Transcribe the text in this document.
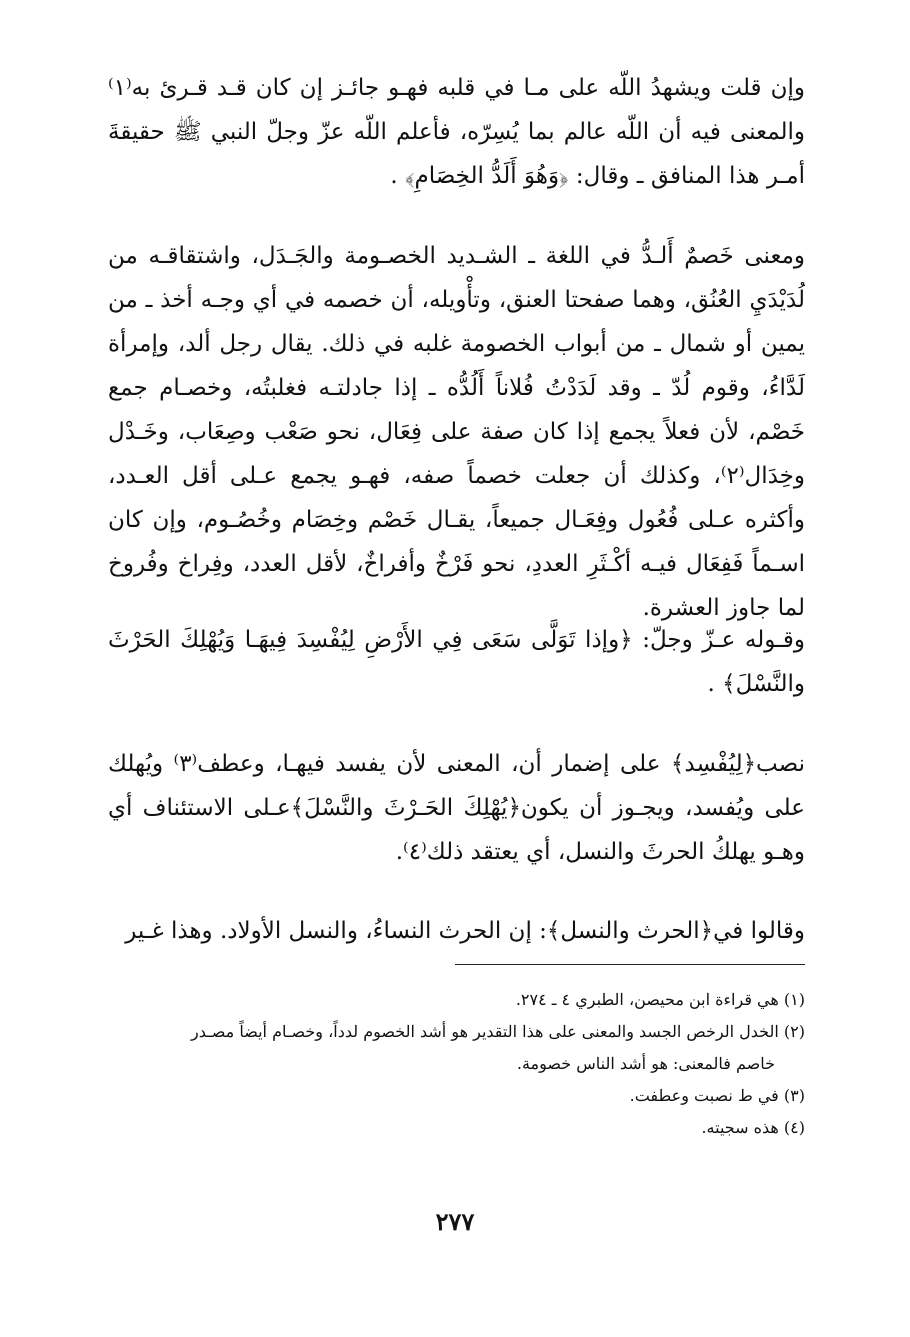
وإن قلت ويشهدُ اللّه على مـا في قلبه فهـو جائـز إن كان قـد قـرئ به⁽١⁾ والمعنى فيه أن اللّه عالم بما يُسِرّه، فأعلم اللّه عزّ وجلّ النبي ﷺ حقيقةَ أمـر هذا المنافق ـ وقال: ﴿وَهُوَ أَلَدُّ الخِصَامِ﴾ .

ومعنى خَصمٌ أَلـدُّ في اللغة ـ الشـديد الخصـومة والجَـدَل، واشتقاقـه من لُدَيْدَيِ العُنُق، وهما صفحتا العنق، وتأْويله، أن خصمه في أي وجـه أخذ ـ من يمين أو شمال ـ من أبواب الخصومة غلبه في ذلك. يقال رجل ألد، وإمرأة لَدَّاءُ، وقوم لُدّ ـ وقد لَدَدْتُ فُلاناً أَلُدُّه ـ إذا جادلتـه فغلبتُه، وخصـام جمع خَصْم، لأن فعلاً يجمع إذا كان صفة على فِعَال، نحو صَعْب وصِعَاب، وخَـدْل وخِدَال⁽٢⁾، وكذلك أن جعلت خصماً صفه، فهـو يجمع عـلى أقل العـدد، وأكثره عـلى فُعُول وفِعَـال جميعاً، يقـال خَصْم وخِصَام وخُصُـوم، وإن كان اسـماً فَفِعَال فيـه أكْـثَرِ العددِ، نحو فَرْخٌ وأفراخٌ، لأقل العدد، وفِراخ وفُروخ لما جاوز العشرة.

وقـوله عـزّ وجلّ: ﴿وإذا تَوَلَّى سَعَى فِي الأَرْضِ لِيُفْسِدَ فِيهَـا وَيُهْلِكَ الحَرْثَ والنَّسْلَ﴾ .

نصب﴿لِيُفْسِد﴾ على إضمار أن، المعنى لأن يفسد فيهـا، وعطف⁽٣⁾ ويُهلك على ويُفسد، ويجـوز أن يكون﴿يُهْلِكَ الحَـرْثَ والنَّسْلَ﴾عـلى الاستئناف أي وهـو يهلكُ الحرثَ والنسل، أي يعتقد ذلك⁽٤⁾.

وقالوا في﴿الحرث والنسل﴾: إن الحرث النساءُ، والنسل الأولاد. وهذا غـير

(١) هي قراءة ابن محيصن، الطبري ٤ ـ ٢٧٤.

(٢) الخدل الرخص الجسد والمعنى على هذا التقدير هو أشد الخصوم لدداً، وخصـام أيضاً مصـدر

خاصم فالمعنى: هو أشد الناس خصومة.

(٣) في ط نصبت وعطفت.

(٤) هذه سجيته.

٢٧٧
